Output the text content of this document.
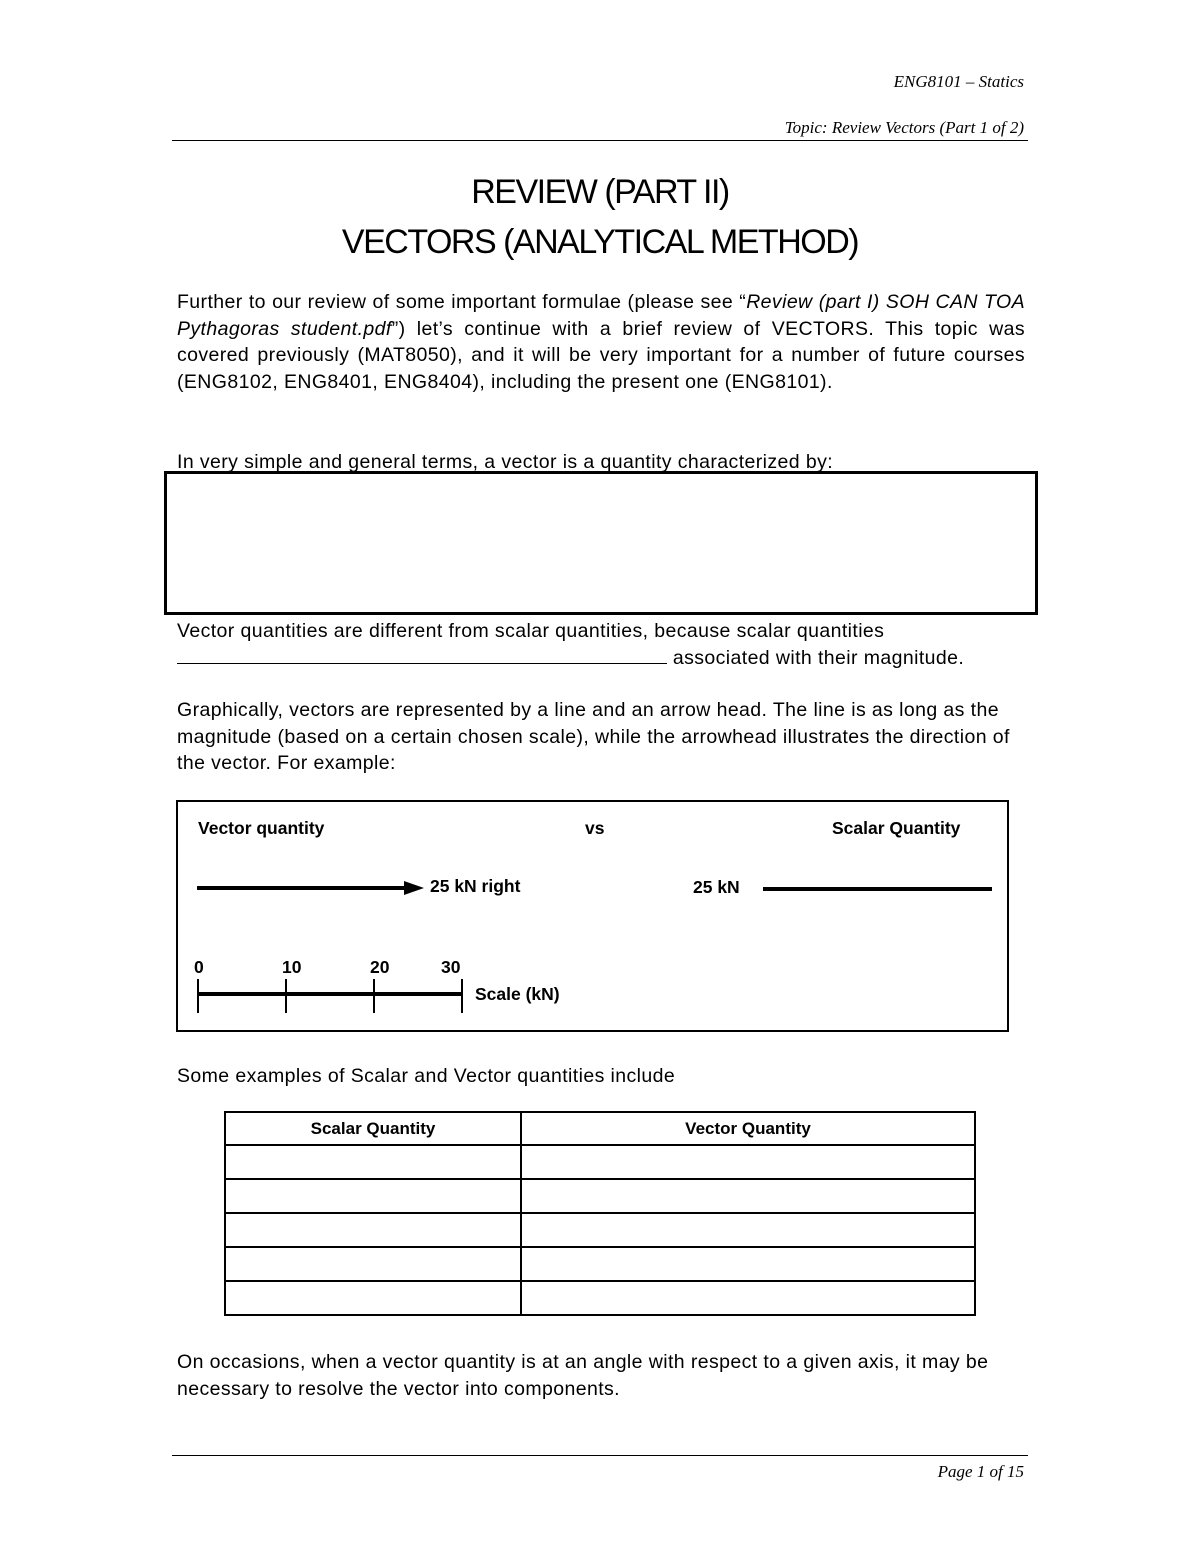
ENG8101 – Statics
Topic: Review Vectors (Part 1 of 2)
REVIEW (PART II)
VECTORS (ANALYTICAL METHOD)
Further to our review of some important formulae (please see “Review (part I) SOH CAN TOA Pythagoras student.pdf”) let’s continue with a brief review of VECTORS. This topic was covered previously (MAT8050), and it will be very important for a number of future courses (ENG8102, ENG8401, ENG8404), including the present one (ENG8101).
In very simple and general terms, a vector is a quantity characterized by:
Vector quantities are different from scalar quantities, because scalar quantities
associated with their magnitude.
Graphically, vectors are represented by a line and an arrow head. The line is as long as the magnitude (based on a certain chosen scale), while the arrowhead illustrates the direction of the vector. For example:
Vector quantity	vs	Scalar Quantity
25 kN right	25 kN
0	10	20	30
Scale (kN)
Some examples of Scalar and Vector quantities include
Scalar Quantity	Vector Quantity

On occasions, when a vector quantity is at an angle with respect to a given axis, it may be necessary to resolve the vector into components.
Page 1 of 15
